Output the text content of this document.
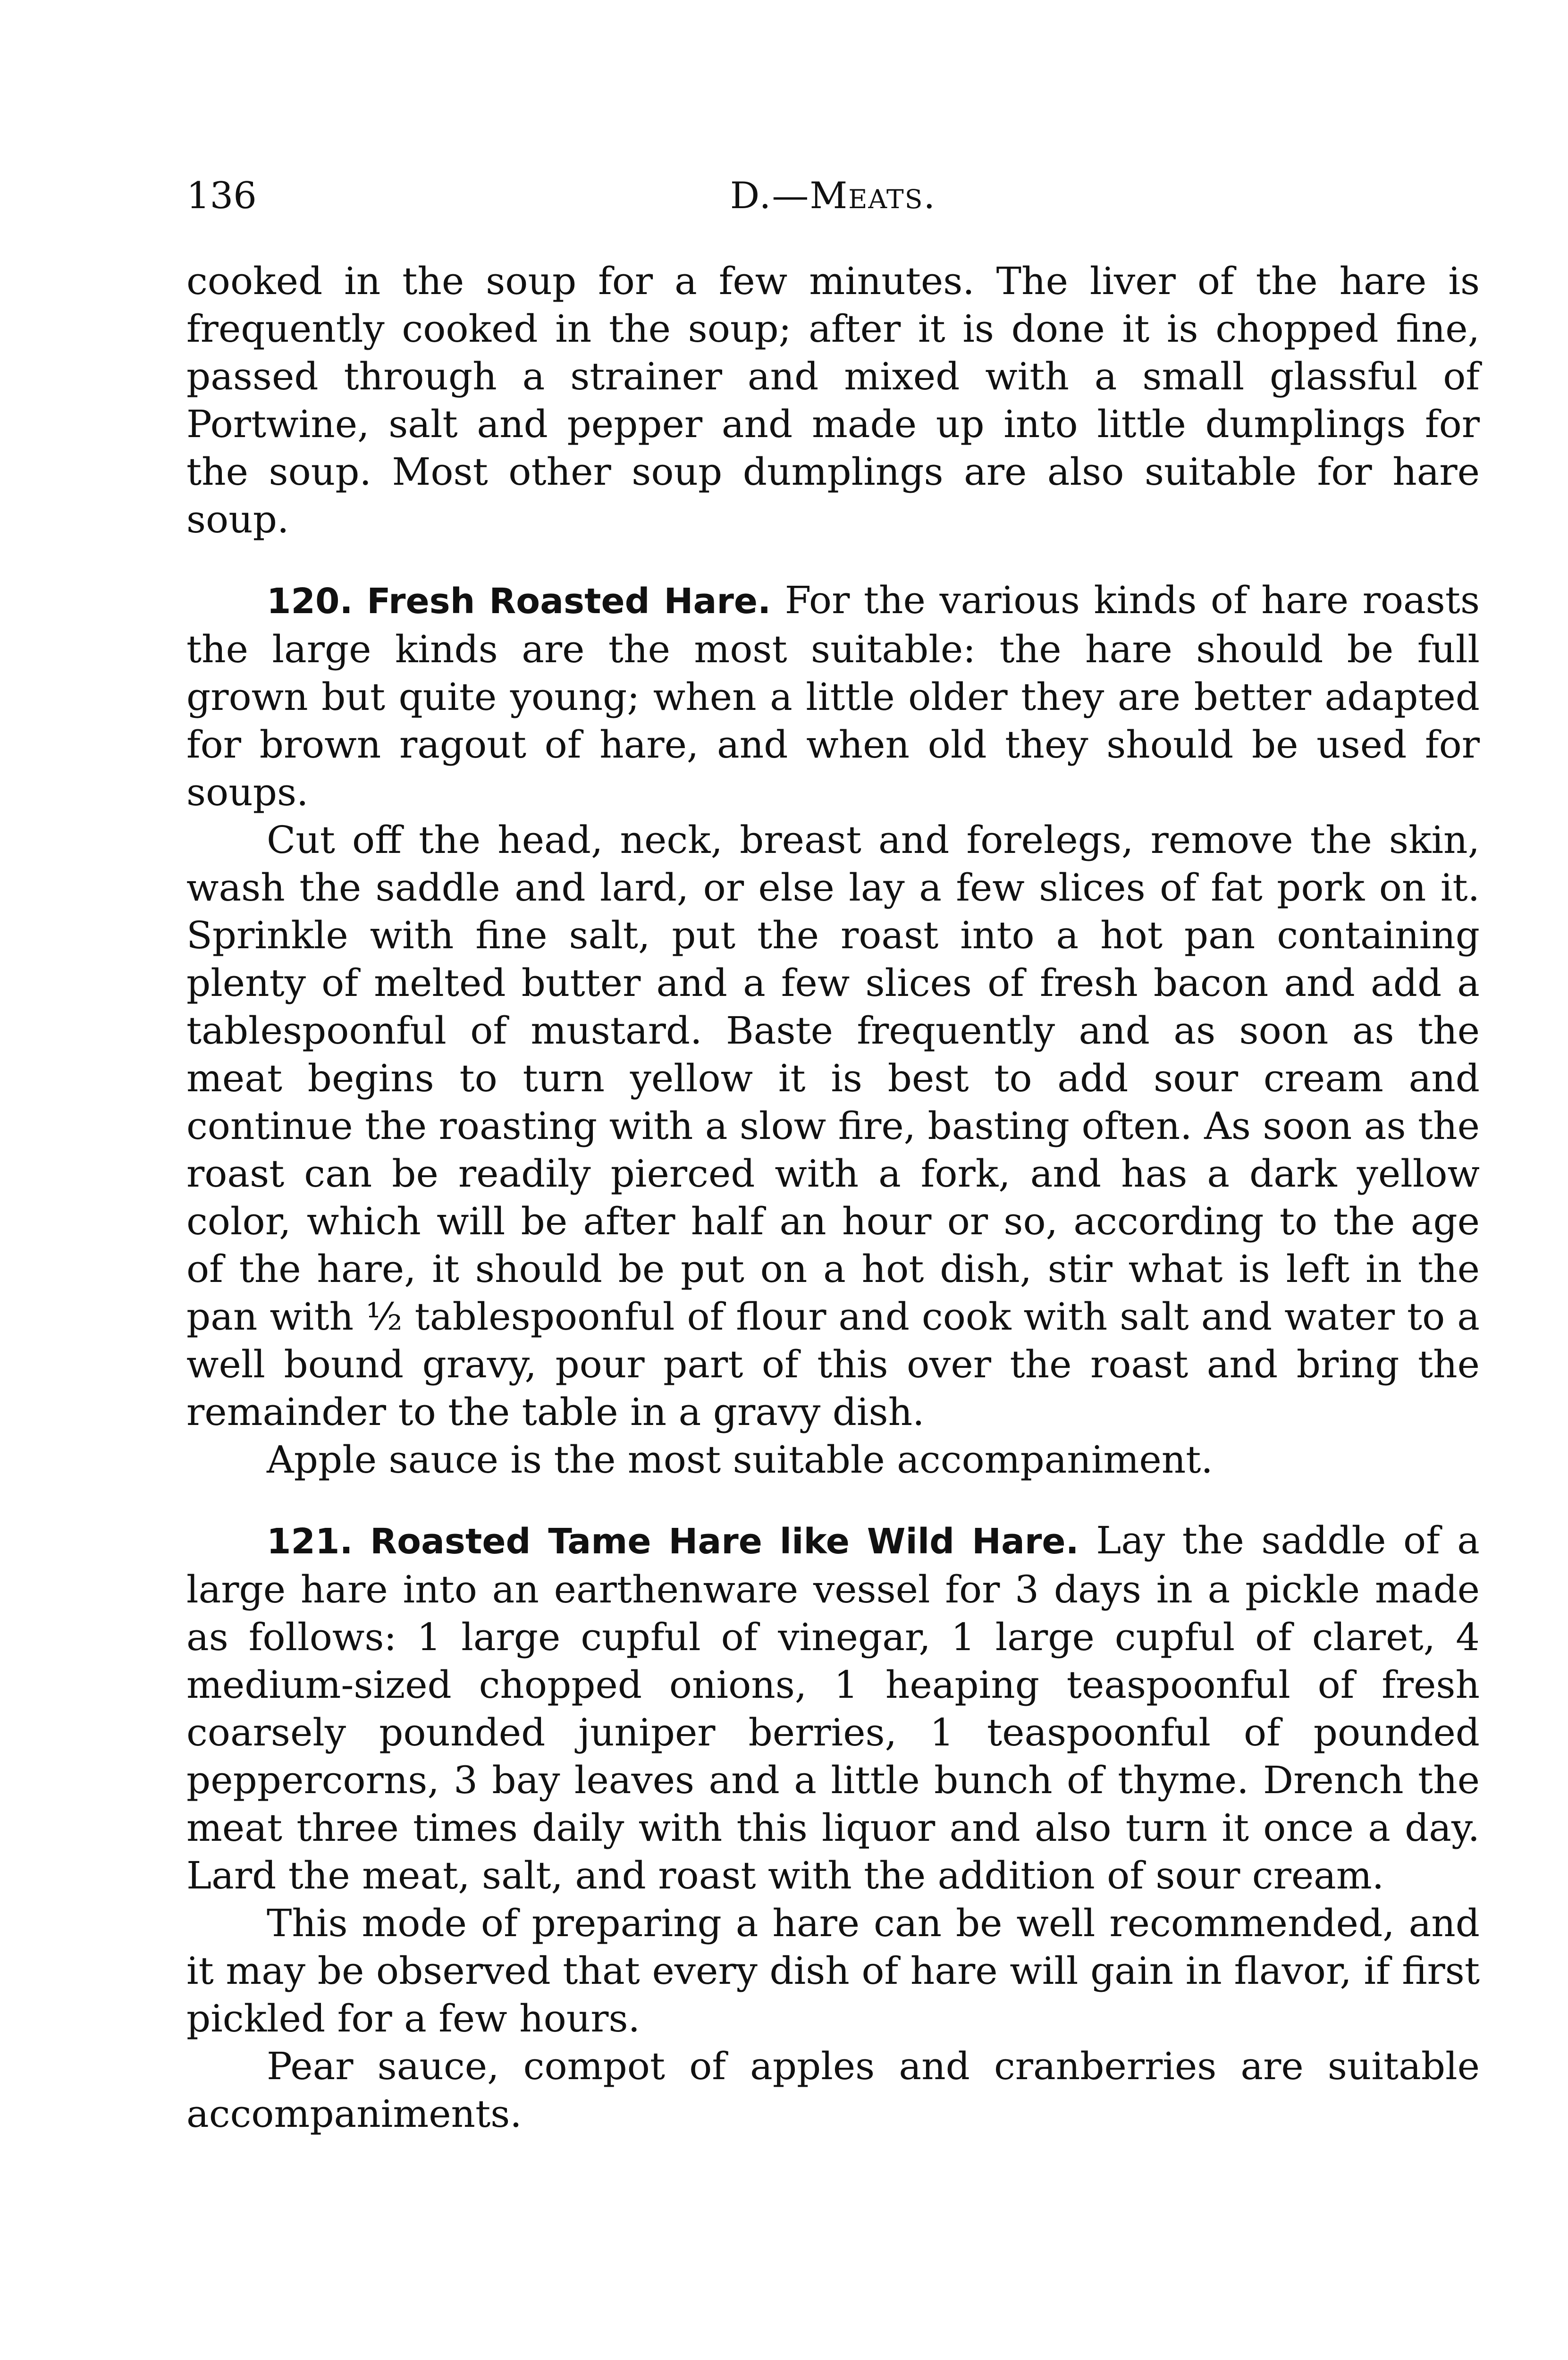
136	D.—Meats.

cooked in the soup for a few minutes. The liver of the hare is frequently cooked in the soup; after it is done it is chopped fine, passed through a strainer and mixed with a small glassful of Portwine, salt and pepper and made up into little dumplings for the soup. Most other soup dumplings are also suitable for hare soup.

120. Fresh Roasted Hare. For the various kinds of hare roasts the large kinds are the most suitable: the hare should be full grown but quite young; when a little older they are better adapted for brown ragout of hare, and when old they should be used for soups.

Cut off the head, neck, breast and forelegs, remove the skin, wash the saddle and lard, or else lay a few slices of fat pork on it. Sprinkle with fine salt, put the roast into a hot pan containing plenty of melted butter and a few slices of fresh bacon and add a tablespoonful of mustard. Baste frequently and as soon as the meat begins to turn yellow it is best to add sour cream and continue the roasting with a slow fire, basting often. As soon as the roast can be readily pierced with a fork, and has a dark yellow color, which will be after half an hour or so, according to the age of the hare, it should be put on a hot dish, stir what is left in the pan with ½ tablespoonful of flour and cook with salt and water to a well bound gravy, pour part of this over the roast and bring the remainder to the table in a gravy dish.

Apple sauce is the most suitable accompaniment.

121. Roasted Tame Hare like Wild Hare. Lay the saddle of a large hare into an earthenware vessel for 3 days in a pickle made as follows: 1 large cupful of vinegar, 1 large cupful of claret, 4 medium-sized chopped onions, 1 heaping teaspoonful of fresh coarsely pounded juniper berries, 1 teaspoonful of pounded peppercorns, 3 bay leaves and a little bunch of thyme. Drench the meat three times daily with this liquor and also turn it once a day. Lard the meat, salt, and roast with the addition of sour cream.

This mode of preparing a hare can be well recommended, and it may be observed that every dish of hare will gain in flavor, if first pickled for a few hours.

Pear sauce, compot of apples and cranberries are suitable accompaniments.
